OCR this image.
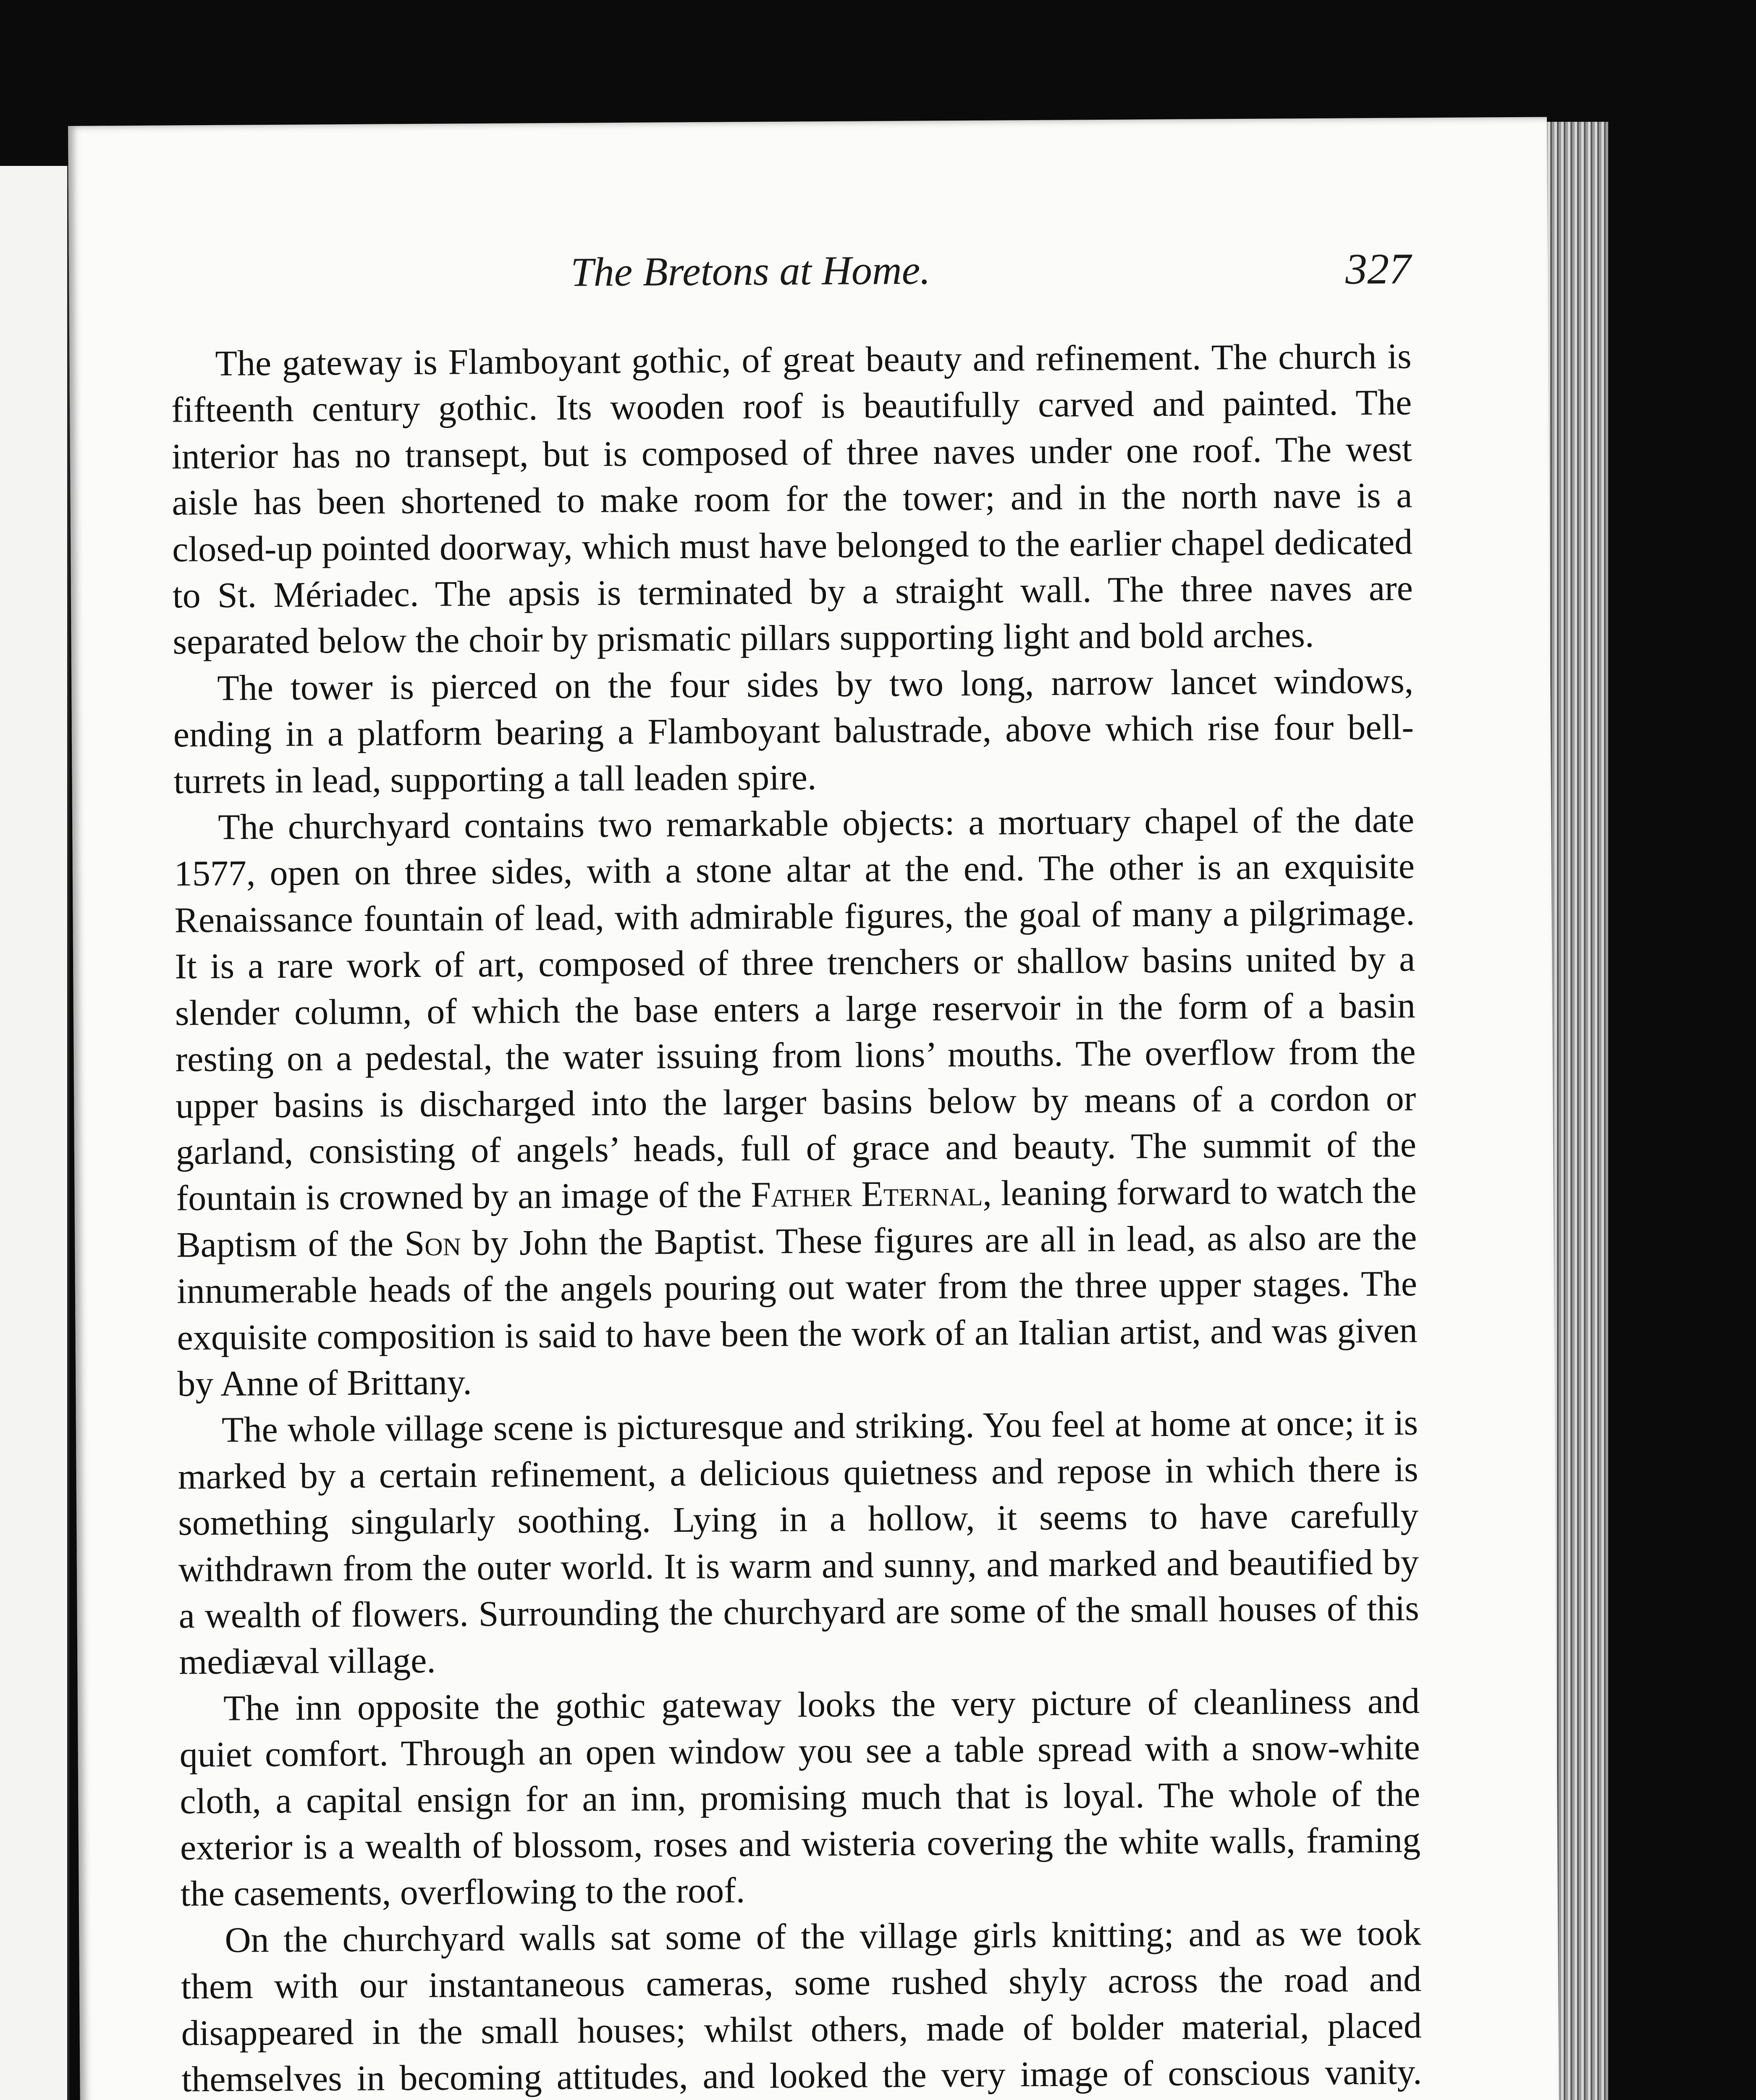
The Bretons at Home.	327

The gateway is Flamboyant gothic, of great beauty and refinement. The church is fifteenth century gothic. Its wooden roof is beautifully carved and painted. The interior has no transept, but is composed of three naves under one roof. The west aisle has been shortened to make room for the tower; and in the north nave is a closed-up pointed doorway, which must have belonged to the earlier chapel dedicated to St. Mériadec. The apsis is terminated by a straight wall. The three naves are separated below the choir by prismatic pillars supporting light and bold arches.

The tower is pierced on the four sides by two long, narrow lancet windows, ending in a platform bearing a Flamboyant balustrade, above which rise four bell-turrets in lead, supporting a tall leaden spire.

The churchyard contains two remarkable objects: a mortuary chapel of the date 1577, open on three sides, with a stone altar at the end. The other is an exquisite Renaissance fountain of lead, with admirable figures, the goal of many a pilgrimage. It is a rare work of art, composed of three trenchers or shallow basins united by a slender column, of which the base enters a large reservoir in the form of a basin resting on a pedestal, the water issuing from lions’ mouths. The overflow from the upper basins is discharged into the larger basins below by means of a cordon or garland, consisting of angels’ heads, full of grace and beauty. The summit of the fountain is crowned by an image of the Father Eternal, leaning forward to watch the Baptism of the Son by John the Baptist. These figures are all in lead, as also are the innumerable heads of the angels pouring out water from the three upper stages. The exquisite composition is said to have been the work of an Italian artist, and was given by Anne of Brittany.

The whole village scene is picturesque and striking. You feel at home at once; it is marked by a certain refinement, a delicious quietness and repose in which there is something singularly soothing. Lying in a hollow, it seems to have carefully withdrawn from the outer world. It is warm and sunny, and marked and beautified by a wealth of flowers. Surrounding the churchyard are some of the small houses of this mediæval village.

The inn opposite the gothic gateway looks the very picture of cleanliness and quiet comfort. Through an open window you see a table spread with a snow-white cloth, a capital ensign for an inn, promising much that is loyal. The whole of the exterior is a wealth of blossom, roses and wisteria covering the white walls, framing the casements, overflowing to the roof.

On the churchyard walls sat some of the village girls knitting; and as we took them with our instantaneous cameras, some rushed shyly across the road and disappeared in the small houses; whilst others, made of bolder material, placed themselves in becoming attitudes, and looked the very image of conscious vanity.
